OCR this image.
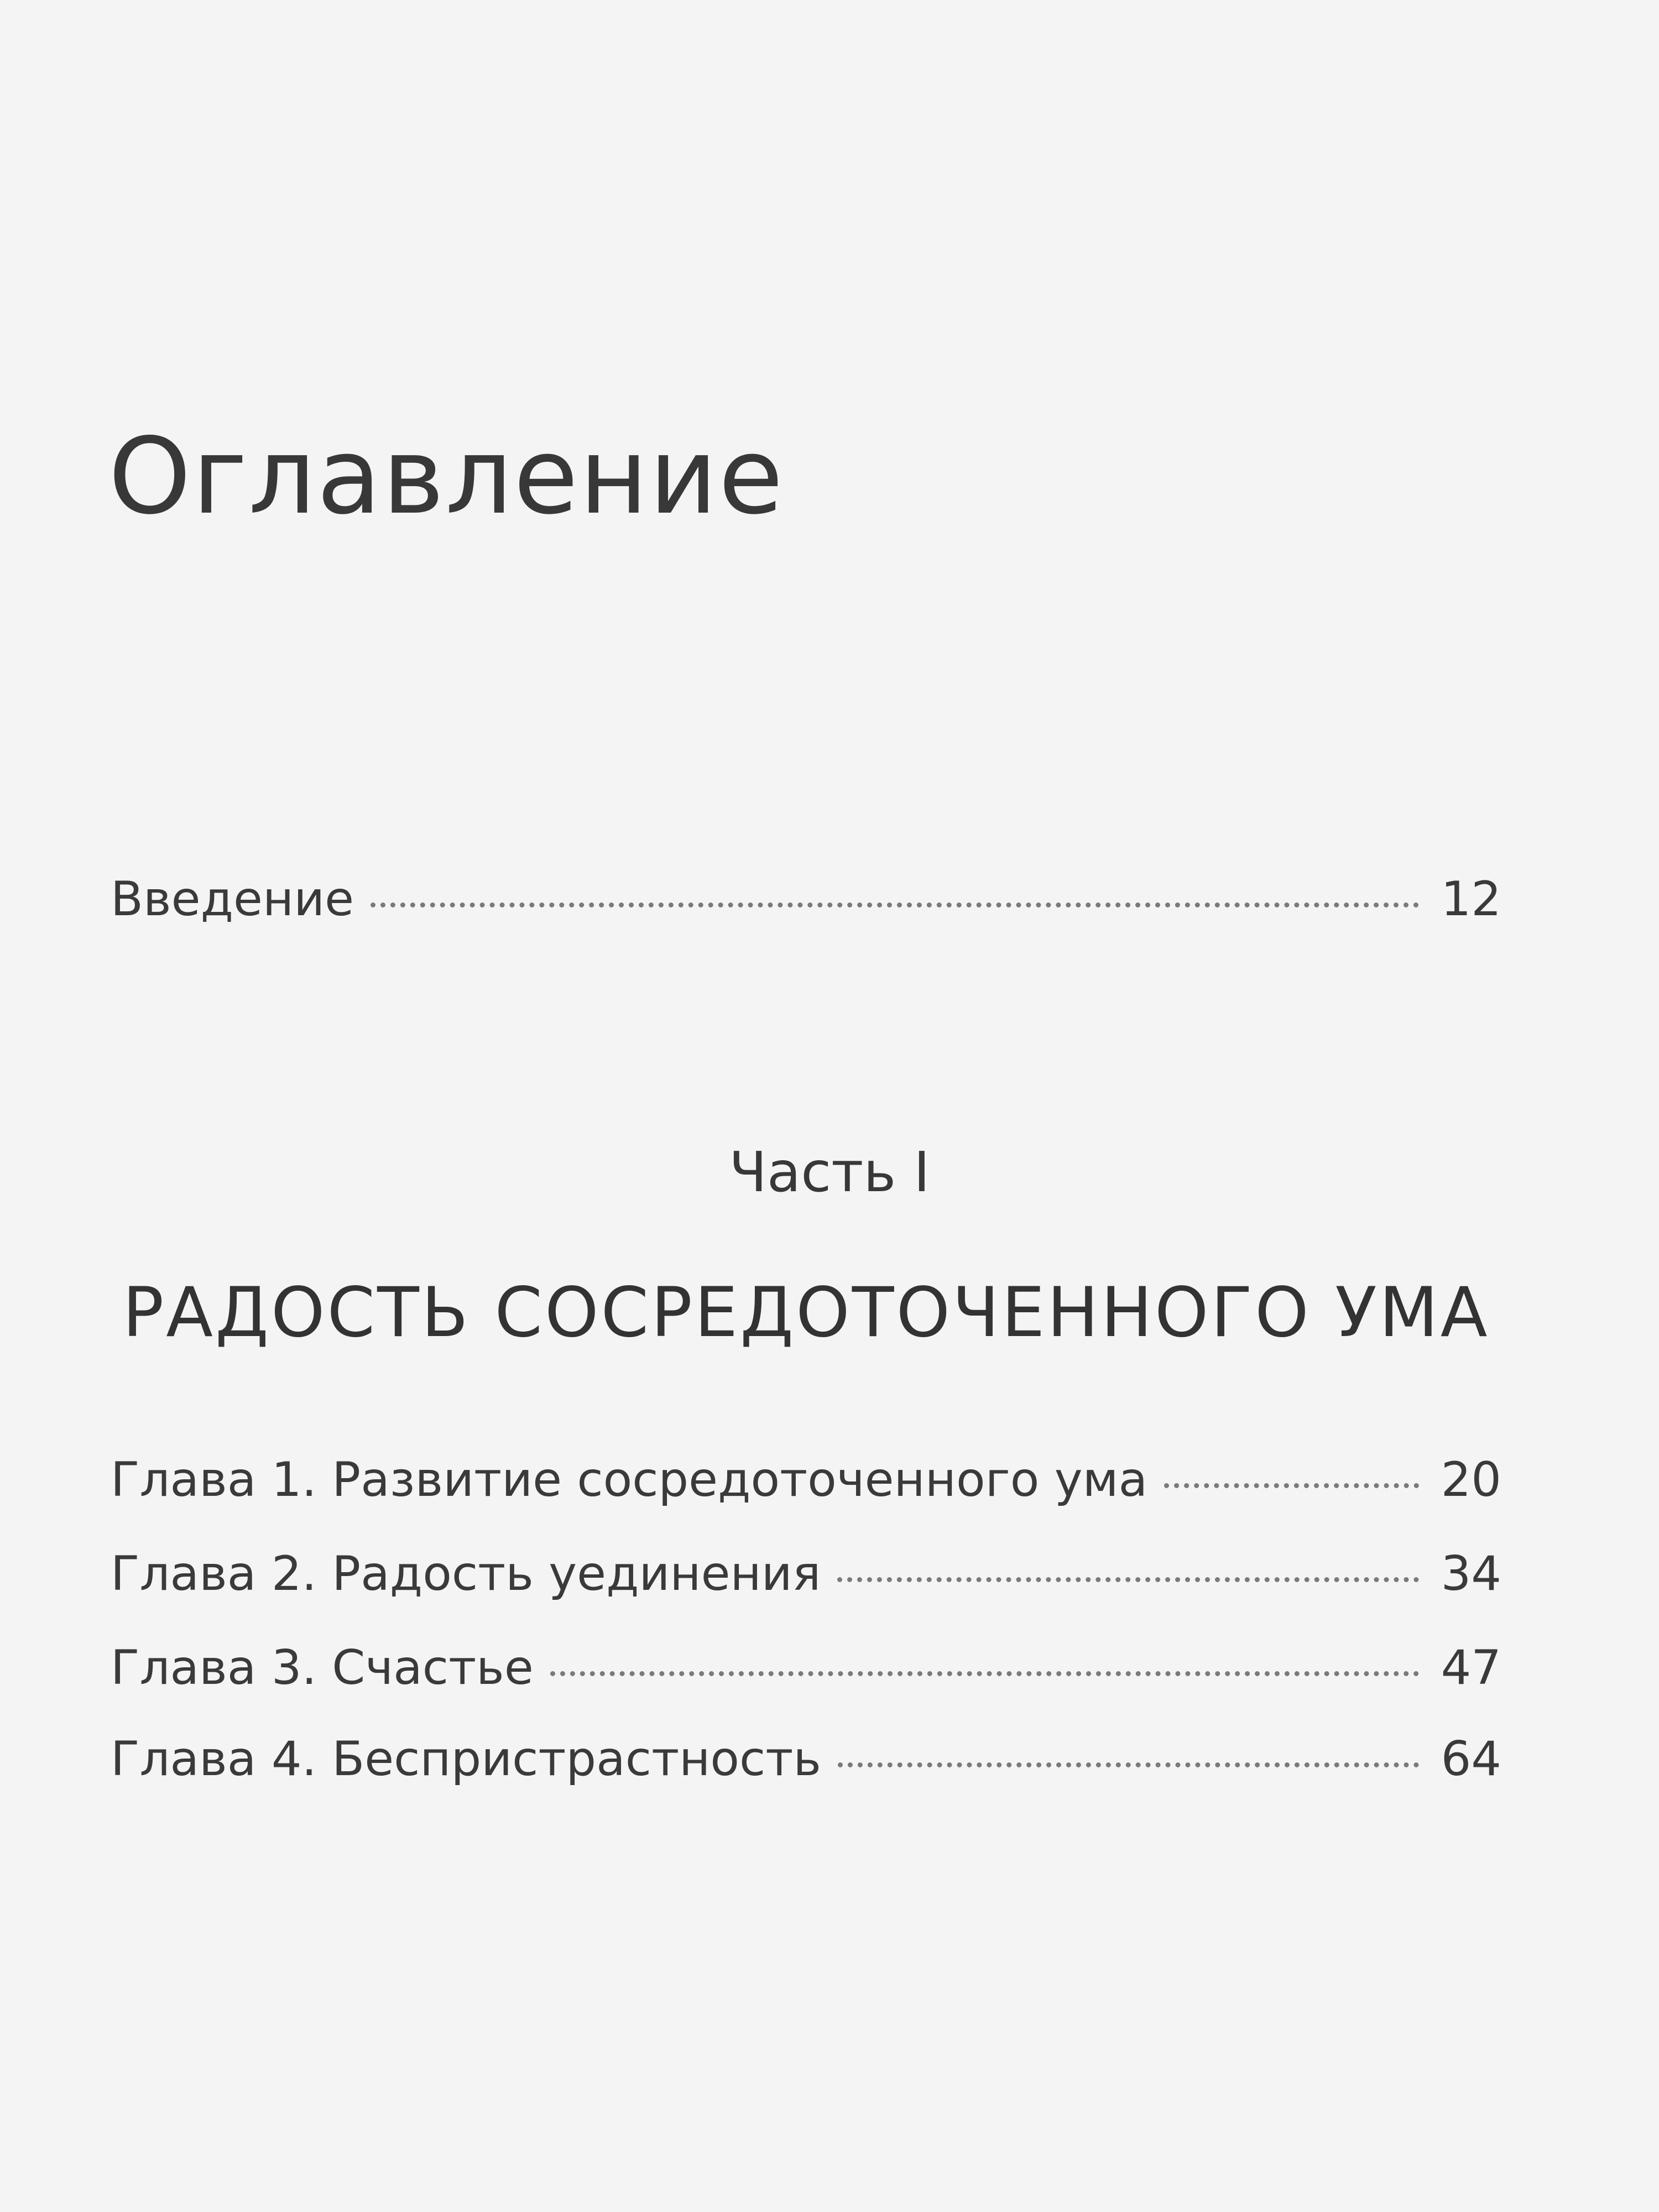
Оглавление
Введение	12
Часть I
РАДОСТЬ СОСРЕДОТОЧЕННОГО УМА
Глава 1. Развитие сосредоточенного ума	20
Глава 2. Радость уединения	34
Глава 3. Счастье	47
Глава 4. Беспристрастность	64
